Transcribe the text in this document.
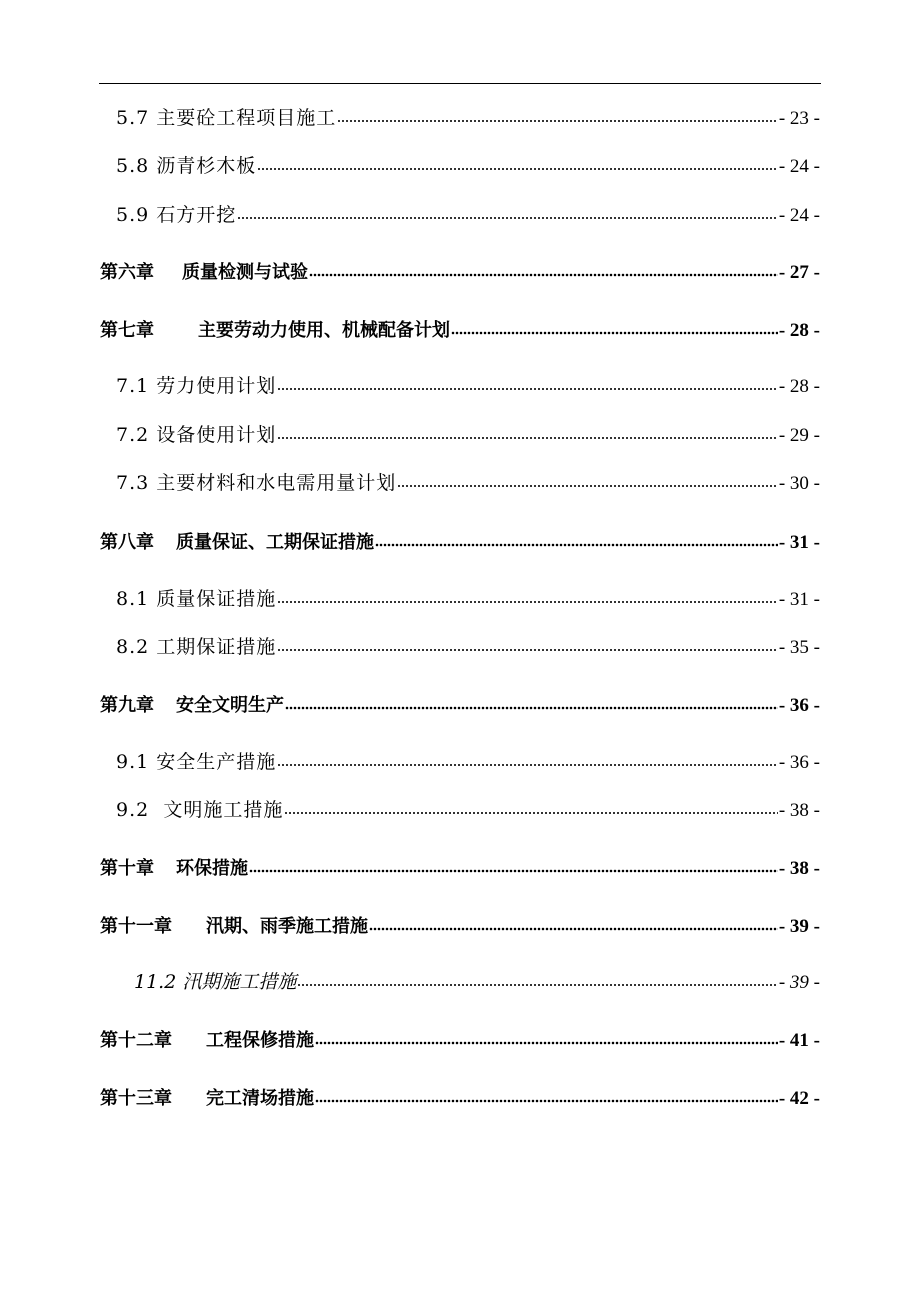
5.7 主要砼工程项目施工	- 23 -
5.8 沥青杉木板	- 24 -
5.9 石方开挖	- 24 -
第六章 质量检测与试验	- 27 -
第七章 主要劳动力使用、机械配备计划	- 28 -
7.1 劳力使用计划	- 28 -
7.2 设备使用计划	- 29 -
7.3 主要材料和水电需用量计划	- 30 -
第八章 质量保证、工期保证措施	- 31 -
8.1 质量保证措施	- 31 -
8.2 工期保证措施	- 35 -
第九章 安全文明生产	- 36 -
9.1 安全生产措施	- 36 -
9.2 文明施工措施	- 38 -
第十章 环保措施	- 38 -
第十一章 汛期、雨季施工措施	- 39 -
11.2 汛期施工措施	- 39 -
第十二章 工程保修措施	- 41 -
第十三章 完工清场措施	- 42 -
